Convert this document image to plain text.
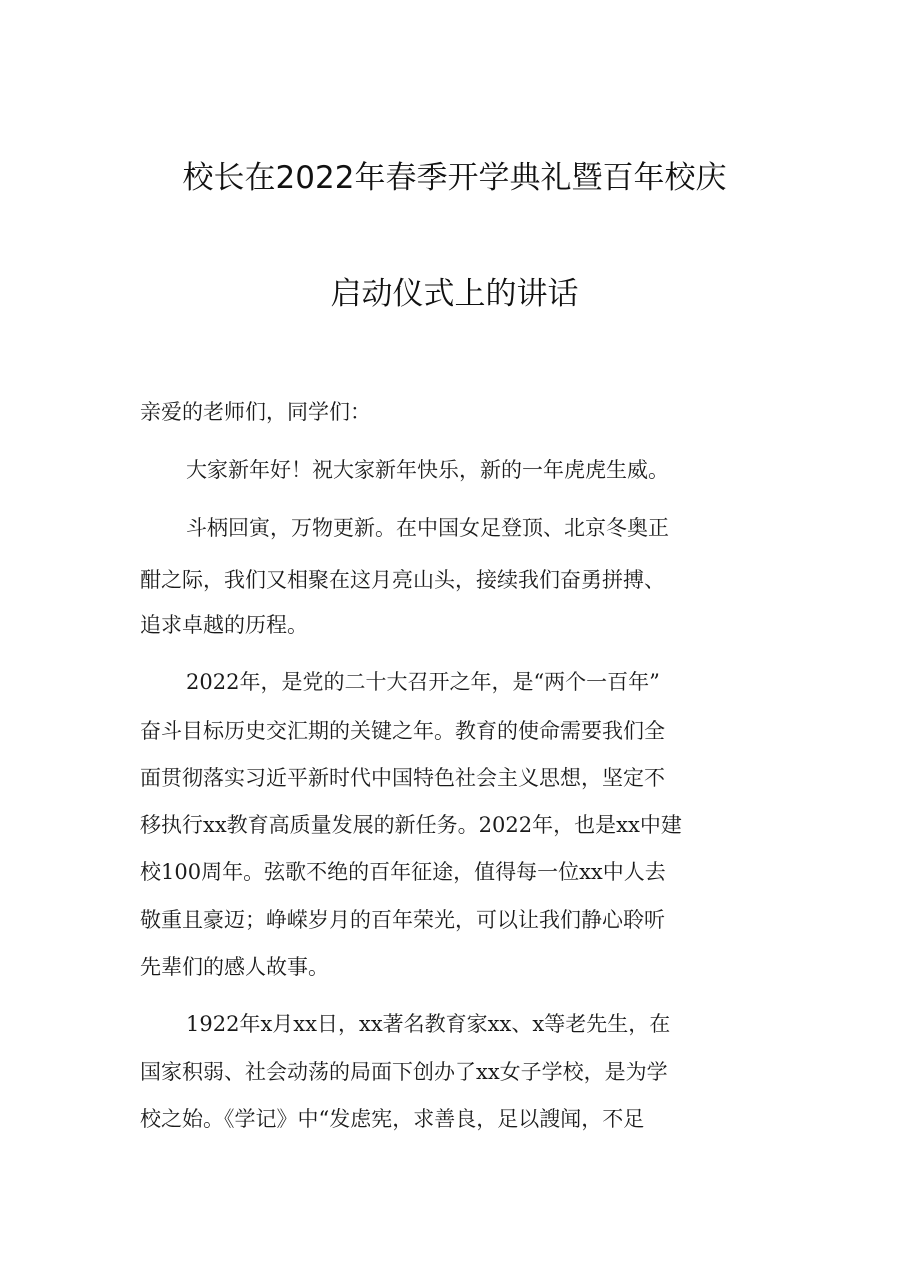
校长在2022年春季开学典礼暨百年校庆
启动仪式上的讲话
亲爱的老师们，同学们：
大家新年好！祝大家新年快乐，新的一年虎虎生威。
斗柄回寅，万物更新。在中国女足登顶、北京冬奥正
酣之际，我们又相聚在这月亮山头，接续我们奋勇拼搏、
追求卓越的历程。
2022年，是党的二十大召开之年，是“两个一百年”
奋斗目标历史交汇期的关键之年。教育的使命需要我们全
面贯彻落实习近平新时代中国特色社会主义思想，坚定不
移执行xx教育高质量发展的新任务。2022年，也是xx中建
校100周年。弦歌不绝的百年征途，值得每一位xx中人去
敬重且豪迈；峥嵘岁月的百年荣光，可以让我们静心聆听
先辈们的感人故事。
1922年x月xx日，xx著名教育家xx、x等老先生，在
国家积弱、社会动荡的局面下创办了xx女子学校，是为学
校之始。《学记》中“发虑宪，求善良，足以謏闻，不足
